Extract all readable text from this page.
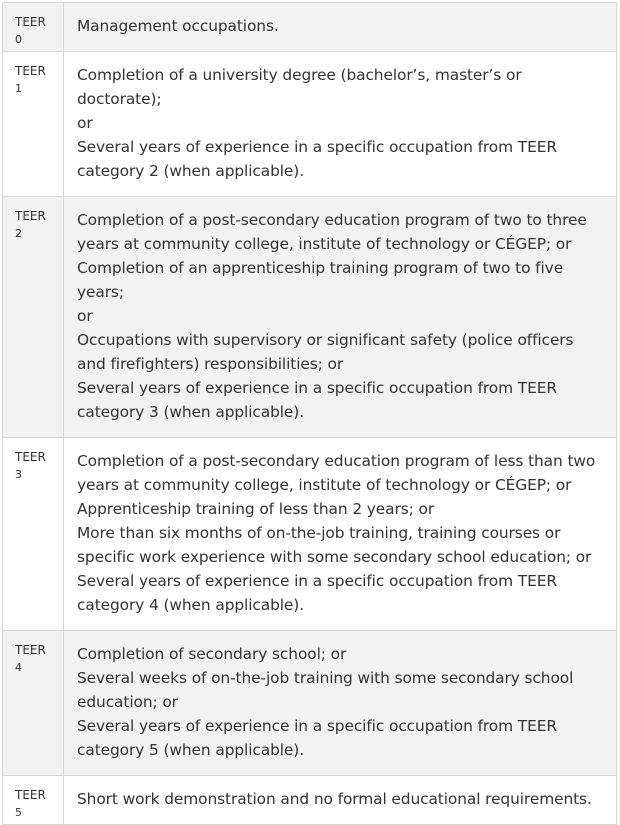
TEER
0	Management occupations.

TEER
1	Completion of a university degree (bachelor’s, master’s or doctorate);
or
Several years of experience in a specific occupation from TEER category 2 (when applicable).

TEER
2	Completion of a post-secondary education program of two to three years at community college, institute of technology or CÉGEP; or
Completion of an apprenticeship training program of two to five years;
or
Occupations with supervisory or significant safety (police officers and firefighters) responsibilities; or
Several years of experience in a specific occupation from TEER category 3 (when applicable).

TEER
3	Completion of a post-secondary education program of less than two years at community college, institute of technology or CÉGEP; or
Apprenticeship training of less than 2 years; or
More than six months of on-the-job training, training courses or specific work experience with some secondary school education; or
Several years of experience in a specific occupation from TEER category 4 (when applicable).

TEER
4	Completion of secondary school; or
Several weeks of on-the-job training with some secondary school education; or
Several years of experience in a specific occupation from TEER category 5 (when applicable).

TEER
5	Short work demonstration and no formal educational requirements.
